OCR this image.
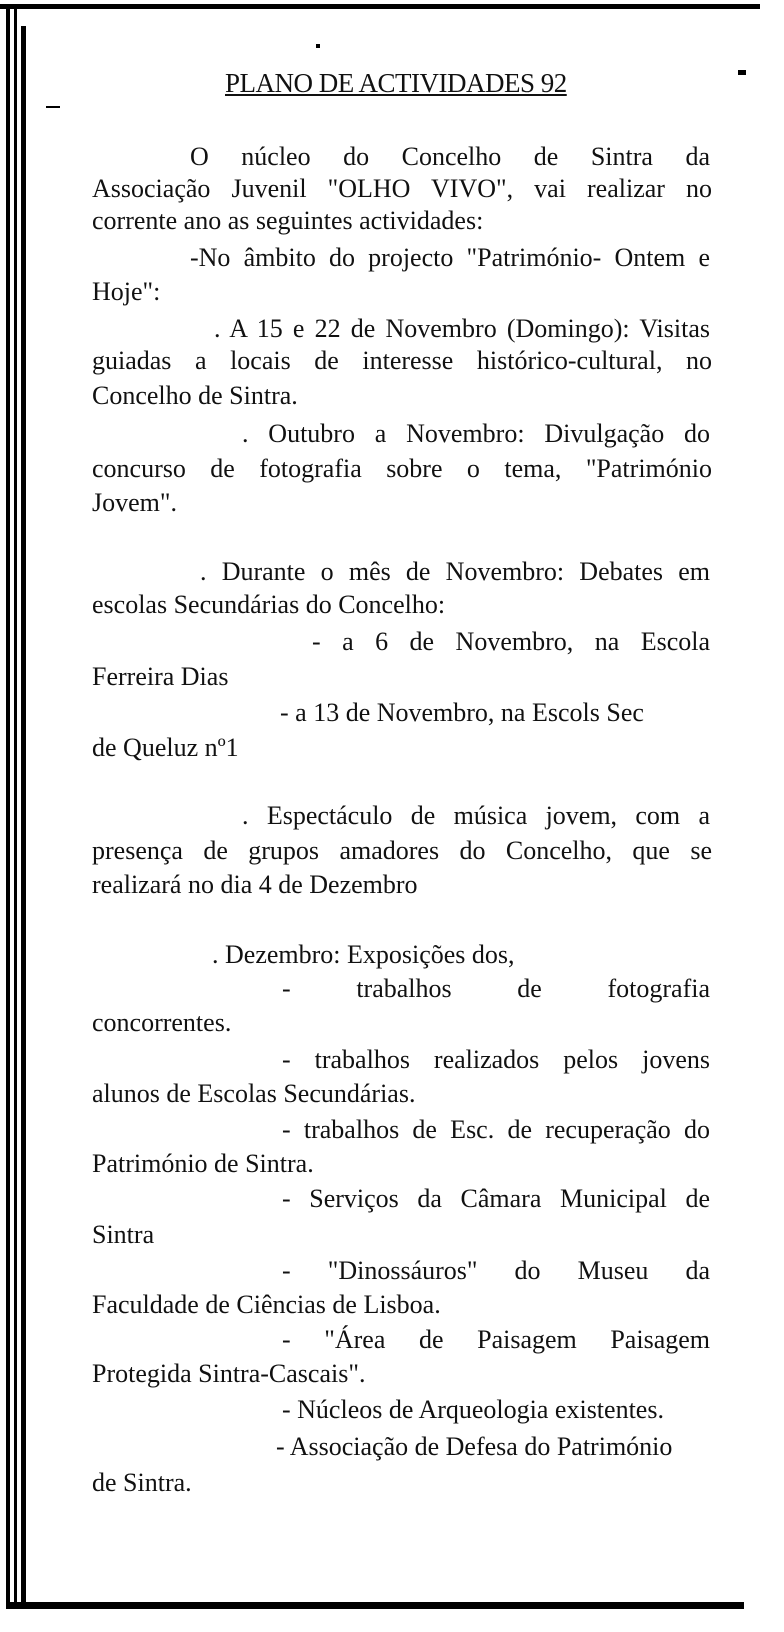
PLANO DE ACTIVIDADES 92
O núcleo do Concelho de Sintra da
Associação Juvenil "OLHO VIVO", vai realizar no
corrente ano as seguintes actividades:
-No âmbito do projecto "Património- Ontem e
Hoje":
. A 15 e 22 de Novembro (Domingo): Visitas
guiadas a locais de interesse histórico-cultural, no
Concelho de Sintra.
. Outubro a Novembro: Divulgação do
concurso de fotografia sobre o tema, "Património
Jovem".
. Durante o mês de Novembro: Debates em
escolas Secundárias do Concelho:
- a 6 de Novembro, na Escola
Ferreira Dias
- a 13 de Novembro, na Escols Sec
de Queluz nº1
. Espectáculo de música jovem, com a
presença de grupos amadores do Concelho, que se
realizará no dia 4 de Dezembro
. Dezembro: Exposições dos,
- trabalhos de fotografia
concorrentes.
- trabalhos realizados pelos jovens
alunos de Escolas Secundárias.
- trabalhos de Esc. de recuperação do
Património de Sintra.
- Serviços da Câmara Municipal de
Sintra
- "Dinossáuros" do Museu da
Faculdade de Ciências de Lisboa.
- "Área de Paisagem Paisagem
Protegida Sintra-Cascais".
- Núcleos de Arqueologia existentes.
- Associação de Defesa do Património
de Sintra.
